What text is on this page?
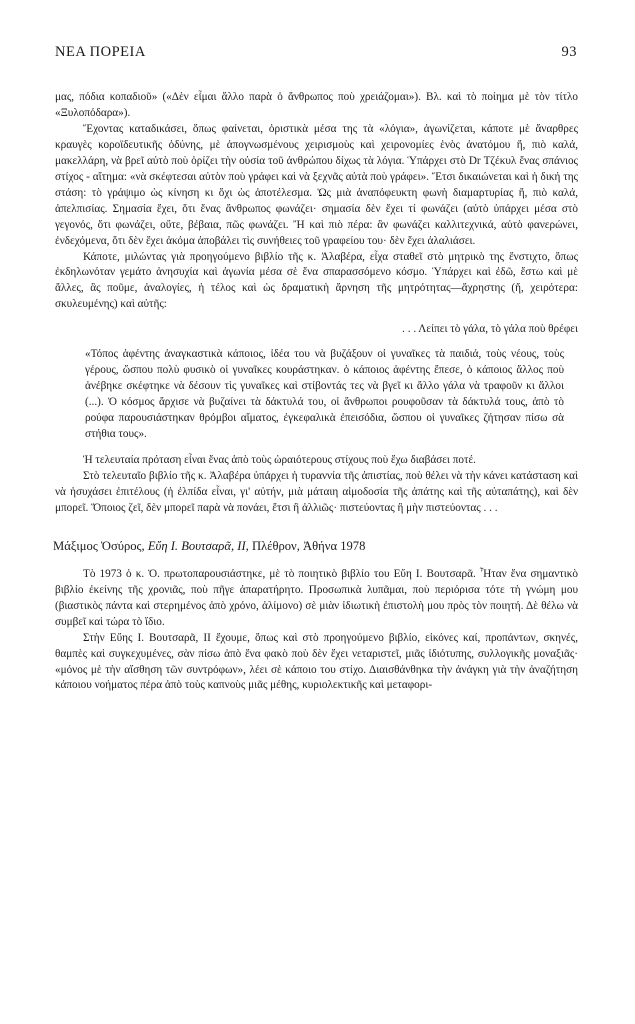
ΝΕΑ ΠΟΡΕΙΑ	93

μας, πόδια κοπαδιοῦ» («Δὲν εἶμαι ἄλλο παρὰ ὁ ἄνθρωπος ποὺ χρειάζομαι»). Βλ. καὶ τὸ ποίημα μὲ τὸν τίτλο «Ξυλοπόδαρα»).

Ἔχοντας καταδικάσει, ὅπως φαίνεται, ὁριστικὰ μέσα της τὰ «λόγια», ἀγωνίζεται, κάποτε μὲ ἄναρθρες κραυγὲς κοροϊδευτικῆς ὀδύνης, μὲ ἀπογνωσμένους χειρισμοὺς καὶ χειρονομίες ἑνὸς ἀνατόμου ἤ, πιὸ καλά, μακελλάρη, νὰ βρεῖ αὐτὸ ποὺ ὁρίζει τὴν οὐσία τοῦ ἀνθρώπου δίχως τὰ λόγια. Ὑπάρχει στὸ Dr Τζέκυλ ἕνας σπάνιος στίχος - αἴτημα: «νὰ σκέφτεσαι αὐτὸν ποὺ γράφει καὶ νὰ ξεχνᾶς αὐτὰ ποὺ γράφει». Ἔτσι δικαιώνεται καὶ ἡ δική της στάση: τὸ γράψιμο ὡς κίνηση κι ὄχι ὡς ἀποτέλεσμα. Ὡς μιὰ ἀναπόφευκτη φωνὴ διαμαρτυρίας ἤ, πιὸ καλά, ἀπελπισίας. Σημασία ἔχει, ὅτι ἕνας ἄνθρωπος φωνάζει· σημασία δὲν ἔχει τί φωνάζει (αὐτὸ ὑπάρχει μέσα στὸ γεγονός, ὅτι φωνάζει, οὔτε, βέβαια, πῶς φωνάζει. Ἤ καὶ πιὸ πέρα: ἂν φωνάζει καλλιτεχνικά, αὐτὸ φανερώνει, ἐνδεχόμενα, ὅτι δὲν ἔχει ἀκόμα ἀποβάλει τὶς συνήθειες τοῦ γραφείου του· δὲν ἔχει ἀλαλιάσει.

Κάποτε, μιλώντας γιὰ προηγούμενο βιβλίο τῆς κ. Ἀλαβέρα, εἶχα σταθεῖ στὸ μητρικὸ της ἔνστιχτο, ὅπως ἐκδηλωνόταν γεμάτο ἀνησυχία καὶ ἀγωνία μέσα σὲ ἕνα σπαρασσόμενο κόσμο. Ὑπάρχει καὶ ἐδῶ, ἔστω καὶ μὲ ἄλλες, ἂς ποῦμε, ἀναλογίες, ἡ τέλος καὶ ὡς δραματικὴ ἄρνηση τῆς μητρότητας—ἄχρηστης (ἤ, χειρότερα: σκυλευμένης) καὶ αὐτῆς:

. . . Λείπει τὸ γάλα, τὸ γάλα ποὺ θρέφει

«Τόπος ἀφέντης ἀναγκαστικὰ κάποιος, ἰδέα του νὰ βυζάξουν οἱ γυναῖκες τὰ παιδιά, τοὺς νέους, τοὺς γέρους, ὥσπου πολὺ φυσικὸ οἱ γυναῖκες κουράστηκαν. ὁ κάποιος ἀφέντης ἔπεσε, ὁ κάποιος ἄλλος ποὺ ἀνέβηκε σκέφτηκε νὰ δέσουν τὶς γυναῖκες καὶ στίβοντάς τες νὰ βγεῖ κι ἄλλο γάλα νὰ τραφοῦν κι ἄλλοι (...). Ὁ κόσμος ἄρχισε νὰ βυζαίνει τὰ δάκτυλά του, οἱ ἄνθρωποι ρουφοῦσαν τὰ δάκτυλά τους, ἀπὸ τὸ ρούφα παρουσιάστηκαν θρόμβοι αἵματος, ἐγκεφαλικὰ ἐπεισόδια, ὥσπου οἱ γυναῖκες ζήτησαν πίσω σὰ στήθια τους».

Ἡ τελευταία πρόταση εἶναι ἕνας ἀπὸ τοὺς ὡραιότερους στίχους ποὺ ἔχω διαβάσει ποτέ.

Στὸ τελευταῖο βιβλίο τῆς κ. Ἀλαβέρα ὑπάρχει ἡ τυραννία τῆς ἀπιστίας, ποὺ θέλει νὰ τὴν κάνει κατάσταση καὶ νὰ ἡσυχάσει ἐπιτέλους (ἡ ἐλπίδα εἶναι, γι' αὐτήν, μιὰ μάταιη αἱμοδοσία τῆς ἀπάτης καὶ τῆς αὐταπάτης), καὶ δὲν μπορεῖ. Ὅποιος ζεῖ, δὲν μπορεῖ παρὰ νὰ πονάει, ἔτσι ἢ ἀλλιῶς· πιστεύοντας ἢ μὴν πιστεύοντας . . .

Μάξιμος Ὁσύρος, Εὔη Ι. Βουτσαρᾶ, ΙΙ, Πλέθρον, Ἀθήνα 1978

Τὸ 1973 ὁ κ. Ὁ. πρωτοπαρουσιάστηκε, μὲ τὸ ποιητικὸ βιβλίο του Εὔη Ι. Βουτσαρᾶ. Ἦταν ἕνα σημαντικὸ βιβλίο ἐκείνης τῆς χρονιᾶς, ποὺ πῆγε ἀπαρατήρητο. Προσωπικὰ λυπᾶμαι, ποὺ περιόρισα τότε τὴ γνώμη μου (βιαστικὸς πάντα καὶ στερημένος ἀπὸ χρόνο, ἀλίμονο) σὲ μιὰν ἰδιωτικὴ ἐπιστολὴ μου πρὸς τὸν ποιητή. Δὲ θέλω νὰ συμβεῖ καὶ τώρα τὸ ἴδιο.

Στὴν Εὔης Ι. Βουτσαρᾶ, ΙΙ ἔχουμε, ὅπως καὶ στὸ προηγούμενο βιβλίο, εἰκόνες καί, προπάντων, σκηνές, θαμπὲς καὶ συγκεχυμένες, σὰν πίσω ἀπὸ ἕνα φακὸ ποὺ δὲν ἔχει νεταριστεῖ, μιᾶς ἰδιότυπης, συλλογικῆς μοναξιᾶς· «μόνος μὲ τὴν αἴσθηση τῶν συντρόφων», λέει σὲ κάποιο του στίχο. Διαισθάνθηκα τὴν ἀνάγκη γιὰ τὴν ἀναζήτηση κάποιου νοήματος πέρα ἀπὸ τοὺς καπνοὺς μιᾶς μέθης, κυριολεκτικῆς καὶ μεταφορι-
